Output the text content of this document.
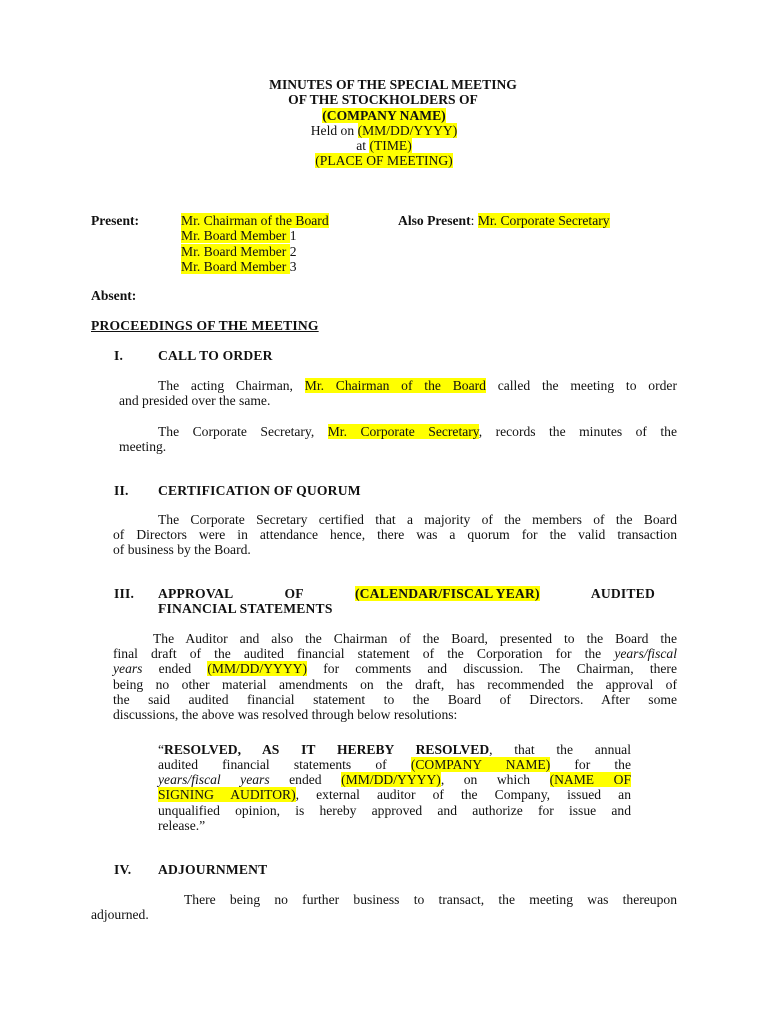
MINUTES OF THE SPECIAL MEETING
OF THE STOCKHOLDERS OF
(COMPANY NAME)
Held on (MM/DD/YYYY)
at (TIME)
(PLACE OF MEETING)
Present:	Mr. Chairman of the Board
Mr. Board Member 1
Mr. Board Member 2
Mr. Board Member 3
Also Present: Mr. Corporate Secretary
Absent:
PROCEEDINGS OF THE MEETING
I.	CALL TO ORDER
The acting Chairman, Mr. Chairman of the Board called the meeting to order
and presided over the same.
The Corporate Secretary, Mr. Corporate Secretary, records the minutes of the
meeting.
II. CERTIFICATION OF QUORUM
The Corporate Secretary certified that a majority of the members of the Board
of Directors were in attendance hence, there was a quorum for the valid transaction
of business by the Board.
III. APPROVAL	OF	(CALENDAR/FISCAL YEAR)	AUDITED
FINANCIAL STATEMENTS
The Auditor and also the Chairman of the Board, presented to the Board the
final draft of the audited financial statement of the Corporation for the years/fiscal
years ended (MM/DD/YYYY) for comments and discussion. The Chairman, there
being no other material amendments on the draft, has recommended the approval of
the said audited financial statement to the Board of Directors. After some
discussions, the above was resolved through below resolutions:
“RESOLVED, AS IT HEREBY RESOLVED, that the annual
audited financial statements of (COMPANY NAME) for the
years/fiscal years ended (MM/DD/YYYY), on which (NAME OF
SIGNING AUDITOR), external auditor of the Company, issued an
unqualified opinion, is hereby approved and authorize for issue and
release.”
IV. ADJOURNMENT
There being no further business to transact, the meeting was thereupon
adjourned.
